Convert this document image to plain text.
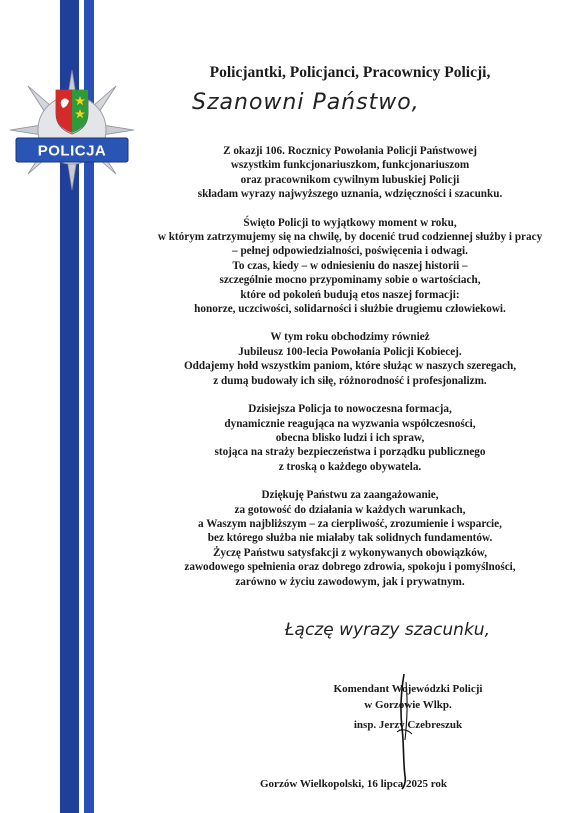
POLICJA
Policjantki, Policjanci, Pracownicy Policji,
Szanowni Państwo,

Z okazji 106. Rocznicy Powołania Policji Państwowej
wszystkim funkcjonariuszkom, funkcjonariuszom
oraz pracownikom cywilnym lubuskiej Policji
składam wyrazy najwyższego uznania, wdzięczności i szacunku.

Święto Policji to wyjątkowy moment w roku,
w którym zatrzymujemy się na chwilę, by docenić trud codziennej służby i pracy
– pełnej odpowiedzialności, poświęcenia i odwagi.
To czas, kiedy – w odniesieniu do naszej historii –
szczególnie mocno przypominamy sobie o wartościach,
które od pokoleń budują etos naszej formacji:
honorze, uczciwości, solidarności i służbie drugiemu człowiekowi.

W tym roku obchodzimy również
Jubileusz 100-lecia Powołania Policji Kobiecej.
Oddajemy hołd wszystkim paniom, które służąc w naszych szeregach,
z dumą budowały ich siłę, różnorodność i profesjonalizm.

Dzisiejsza Policja to nowoczesna formacja,
dynamicznie reagująca na wyzwania współczesności,
obecna blisko ludzi i ich spraw,
stojąca na straży bezpieczeństwa i porządku publicznego
z troską o każdego obywatela.

Dziękuję Państwu za zaangażowanie,
za gotowość do działania w każdych warunkach,
a Waszym najbliższym – za cierpliwość, zrozumienie i wsparcie,
bez którego służba nie miałaby tak solidnych fundamentów.
Życzę Państwu satysfakcji z wykonywanych obowiązków,
zawodowego spełnienia oraz dobrego zdrowia, spokoju i pomyślności,
zarówno w życiu zawodowym, jak i prywatnym.

Łączę wyrazy szacunku,
Komendant Wojewódzki Policji
w Gorzowie Wlkp.
insp. Jerzy Czebreszuk
Gorzów Wielkopolski, 16 lipca 2025 rok
